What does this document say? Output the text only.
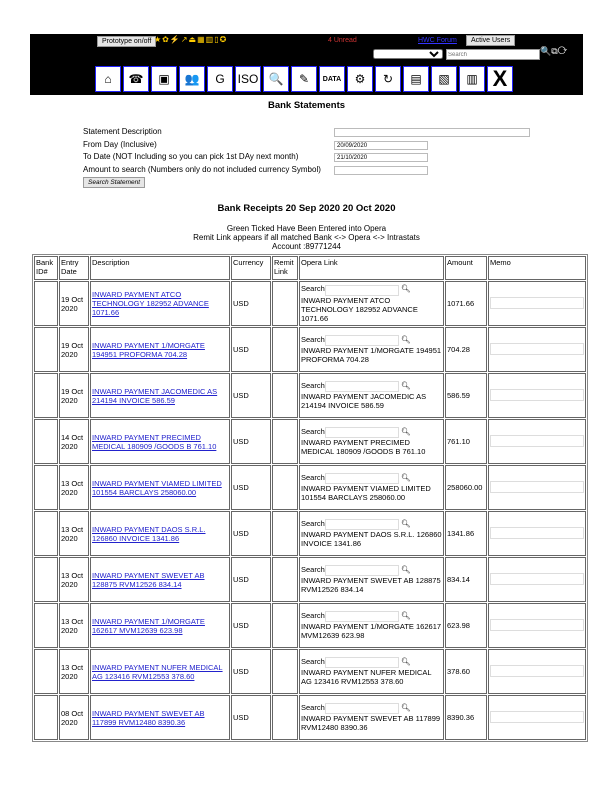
Prototype on/off ★✿⚡↗⏏▦▥▯✪	4 Unread	HWC Forum	Active Users
Search
🔍⧉⟳
⌂	☎	▣	👥	G	ISO 🔍	✎	DATA	⚙	↻	▤	▧	▥ X
Bank Statements
Statement Description
From Day (Inclusive)	20/09/2020
To Date (NOT Including so you can pick 1st DAy next month)	21/10/2020
Amount to search (Numbers only do not included currency Symbol)
Search Statement
Bank Receipts 20 Sep 2020 20 Oct 2020
Green Ticked Have Been Entered into Opera
Remit Link appears if all matched Bank <-> Opera <-> Intrastats
Account :89771244
Bank ID#	Entry Date	Description	Currency	Remit Link	Opera Link	Amount	Memo
	19 Oct 2020	INWARD PAYMENT ATCO TECHNOLOGY 182952 ADVANCE 1071.66	USD		Search 🔍︎
INWARD PAYMENT ATCO TECHNOLOGY 182952 ADVANCE 1071.66	1071.66	
	19 Oct 2020	INWARD PAYMENT 1/MORGATE 194951 PROFORMA 704.28	USD		Search 🔍︎
INWARD PAYMENT 1/MORGATE 194951 PROFORMA 704.28	704.28	
	19 Oct 2020	INWARD PAYMENT JACOMEDIC AS 214194 INVOICE 586.59	USD		Search 🔍︎
INWARD PAYMENT JACOMEDIC AS 214194 INVOICE 586.59	586.59	
	14 Oct 2020	INWARD PAYMENT PRECIMED MEDICAL 180909 /GOODS B 761.10	USD		Search 🔍︎
INWARD PAYMENT PRECIMED MEDICAL 180909 /GOODS B 761.10	761.10	
	13 Oct 2020	INWARD PAYMENT VIAMED LIMITED 101554 BARCLAYS 258060.00	USD		Search 🔍︎
INWARD PAYMENT VIAMED LIMITED 101554 BARCLAYS 258060.00	258060.00	
	13 Oct 2020	INWARD PAYMENT DAOS S.R.L. 126860 INVOICE 1341.86	USD		Search 🔍︎
INWARD PAYMENT DAOS S.R.L. 126860 INVOICE 1341.86	1341.86	
	13 Oct 2020	INWARD PAYMENT SWEVET AB 128875 RVM12526 834.14	USD		Search 🔍︎
INWARD PAYMENT SWEVET AB 128875 RVM12526 834.14	834.14	
	13 Oct 2020	INWARD PAYMENT 1/MORGATE 162617 MVM12639 623.98	USD		Search 🔍︎
INWARD PAYMENT 1/MORGATE 162617 MVM12639 623.98	623.98	
	13 Oct 2020	INWARD PAYMENT NUFER MEDICAL AG 123416 RVM12553 378.60	USD		Search 🔍︎
INWARD PAYMENT NUFER MEDICAL AG 123416 RVM12553 378.60	378.60	
	08 Oct 2020	INWARD PAYMENT SWEVET AB 117899 RVM12480 8390.36	USD		Search 🔍︎
INWARD PAYMENT SWEVET AB 117899 RVM12480 8390.36	8390.36	
